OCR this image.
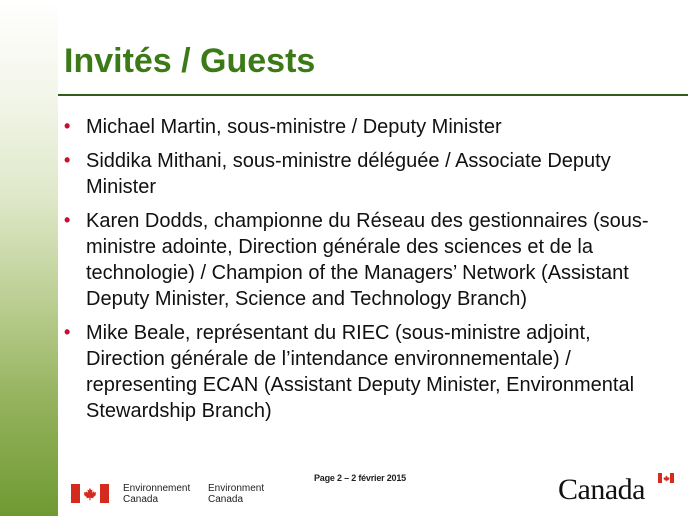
Invités / Guests
• Michael Martin, sous-ministre / Deputy Minister
• Siddika Mithani, sous-ministre déléguée / Associate Deputy Minister
• Karen Dodds, championne du Réseau des gestionnaires (sous-ministre adointe, Direction générale des sciences et de la technologie) / Champion of the Managers’ Network (Assistant Deputy Minister, Science and Technology Branch)
• Mike Beale, représentant du RIEC (sous-ministre adjoint, Direction générale de l’intendance environnementale) / representing ECAN (Assistant Deputy Minister, Environmental Stewardship Branch)
Page 2 – 2 février 2015
Environnement
Canada
Environment
Canada	Canada
